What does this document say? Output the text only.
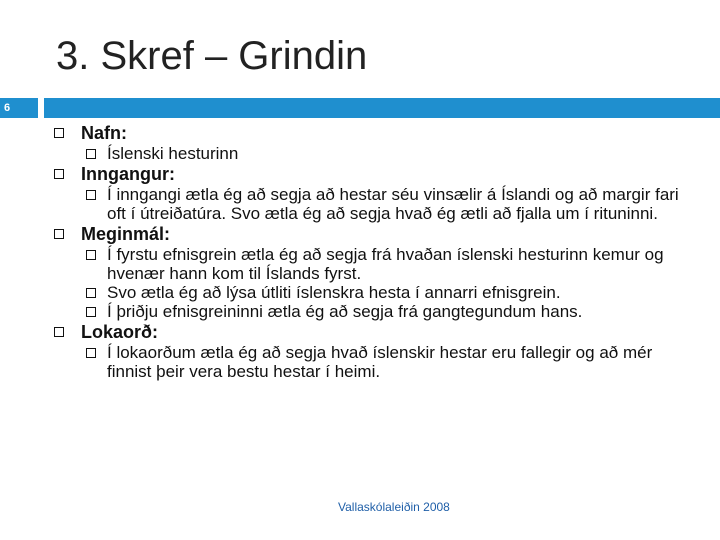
3. Skref – Grindin
6
Nafn:
Íslenski hesturinn
Inngangur:
Í inngangi ætla ég að segja að hestar séu vinsælir á Íslandi og að margir fari oft í útreiðatúra. Svo ætla ég að segja hvað ég ætli að fjalla um í rituninni.
Meginmál:
Í fyrstu efnisgrein ætla ég að segja frá hvaðan íslenski hesturinn kemur og hvenær hann kom til Íslands fyrst.
Svo ætla ég að lýsa útliti íslenskra hesta í annarri efnisgrein.
Í þriðju efnisgreininni ætla ég að segja frá gangtegundum hans.
Lokaorð:
Í lokaorðum ætla ég að segja hvað íslenskir hestar eru fallegir og að mér finnist þeir vera bestu hestar í heimi.
Vallaskólaleiðin 2008
